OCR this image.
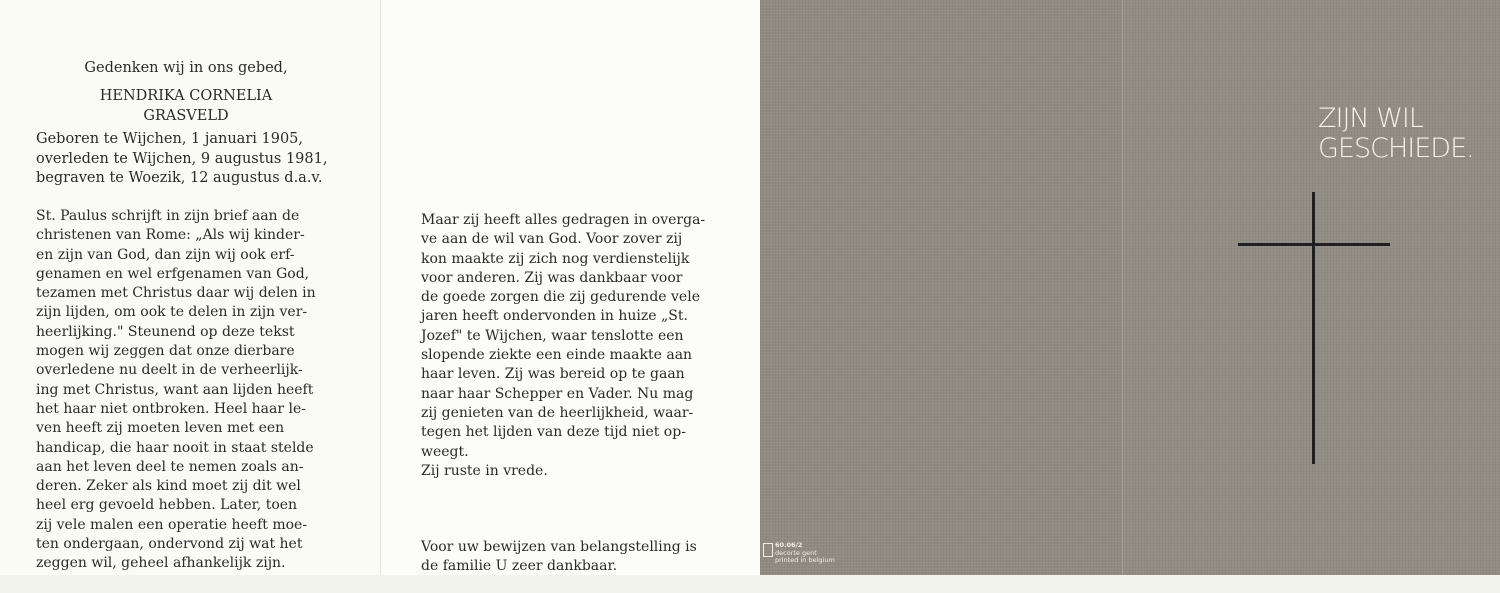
Gedenken wij in ons gebed,
HENDRIKA CORNELIA
GRASVELD
Geboren te Wijchen, 1 januari 1905,
overleden te Wijchen, 9 augustus 1981,
begraven te Woezik, 12 augustus d.a.v.
St. Paulus schrijft in zijn brief aan de
christenen van Rome: „Als wij kinder-
en zijn van God, dan zijn wij ook erf-
genamen en wel erfgenamen van God,
tezamen met Christus daar wij delen in
zijn lijden, om ook te delen in zijn ver-
heerlijking." Steunend op deze tekst
mogen wij zeggen dat onze dierbare
overledene nu deelt in de verheerlijk-
ing met Christus, want aan lijden heeft
het haar niet ontbroken. Heel haar le-
ven heeft zij moeten leven met een
handicap, die haar nooit in staat stelde
aan het leven deel te nemen zoals an-
deren. Zeker als kind moet zij dit wel
heel erg gevoeld hebben. Later, toen
zij vele malen een operatie heeft moe-
ten ondergaan, ondervond zij wat het
zeggen wil, geheel afhankelijk zijn.
Maar zij heeft alles gedragen in overga-
ve aan de wil van God. Voor zover zij
kon maakte zij zich nog verdienstelijk
voor anderen. Zij was dankbaar voor
de goede zorgen die zij gedurende vele
jaren heeft ondervonden in huize „St.
Jozef" te Wijchen, waar tenslotte een
slopende ziekte een einde maakte aan
haar leven. Zij was bereid op te gaan
naar haar Schepper en Vader. Nu mag
zij genieten van de heerlijkheid, waar-
tegen het lijden van deze tijd niet op-
weegt.
Zij ruste in vrede.
Voor uw bewijzen van belangstelling is
de familie U zeer dankbaar.
ZIJN WIL
GESCHIEDE.
60.06/2
decorte gent
printed in belgium
